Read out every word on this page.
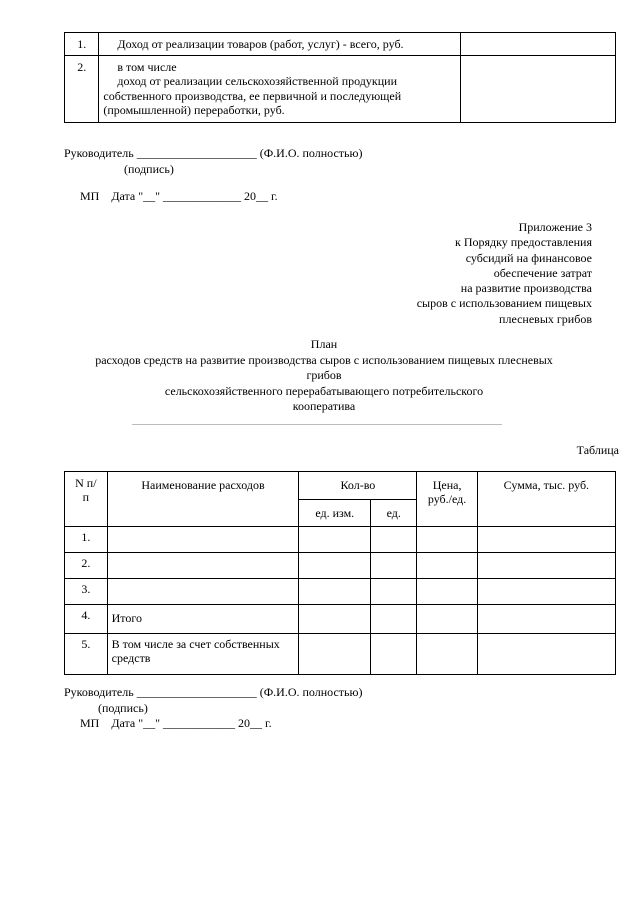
1.	Доход от реализации товаров (работ, услуг) - всего, руб.	

2.	в том числе
доход от реализации сельскохозяйственной продукции
собственного производства, ее первичной и последующей
(промышленной) переработки, руб.	

Руководитель ____________________ (Ф.И.О. полностью)
(подпись)
МП    Дата "__" _____________ 20__ г.
Приложение 3
к Порядку предоставления
субсидий на финансовое
обеспечение затрат
на развитие производства
сыров с использованием пищевых
плесневых грибов
План
расходов средств на развитие производства сыров с использованием пищевых плесневых
грибов
сельскохозяйственного перерабатывающего потребительского
кооператива
Таблица
N п/п	Наименование расходов	Кол-во		Цена, руб./ед.	Сумма, тыс. руб.
		ед. изм.	ед.		
1.					
2.					
3.					
4.	Итого				
5.	В том числе за счет собственных средств				
Руководитель ____________________ (Ф.И.О. полностью)
(подпись)
МП    Дата "__" ____________ 20__ г.
